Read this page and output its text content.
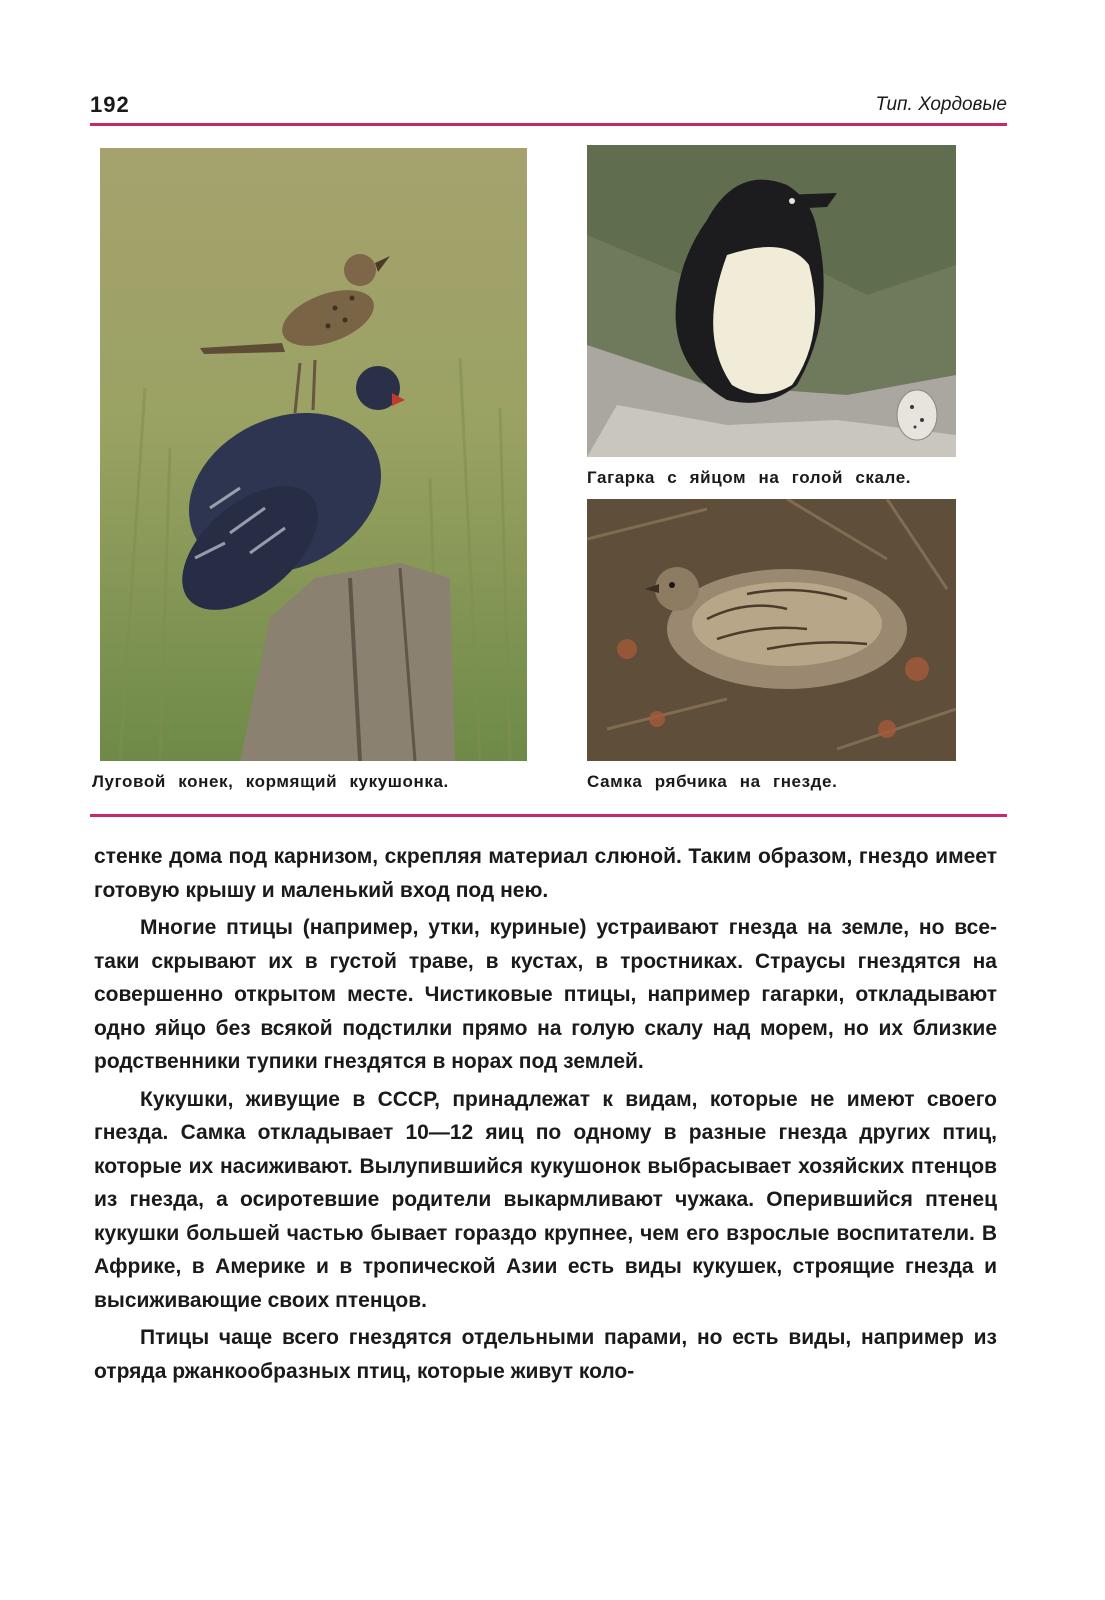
192	Тип. Хордовые
Гагарка с яйцом на голой скале.
Луговой конек, кормящий кукушонка.	Самка рябчика на гнезде.

стенке дома под карнизом, скрепляя материал слюной. Таким образом, гнездо имеет готовую крышу и маленький вход под нею.

Многие птицы (например, утки, куриные) устраивают гнезда на земле, но все-таки скрывают их в густой траве, в кустах, в тростниках. Страусы гнездятся на совершенно открытом месте. Чистиковые птицы, например гагарки, откладывают одно яйцо без всякой подстилки прямо на голую скалу над морем, но их близкие родственники тупики гнездятся в норах под землей.

Кукушки, живущие в СССР, принадлежат к видам, которые не имеют своего гнезда. Самка откладывает 10—12 яиц по одному в разные гнезда других птиц, которые их насиживают. Вылупившийся кукушонок выбрасывает хозяйских птенцов из гнезда, а осиротевшие родители выкармливают чужака. Оперившийся птенец кукушки большей частью бывает гораздо крупнее, чем его взрослые воспитатели. В Африке, в Америке и в тропической Азии есть виды кукушек, строящие гнезда и высиживающие своих птенцов.

Птицы чаще всего гнездятся отдельными парами, но есть виды, например из отряда ржанкообразных птиц, которые живут коло-
